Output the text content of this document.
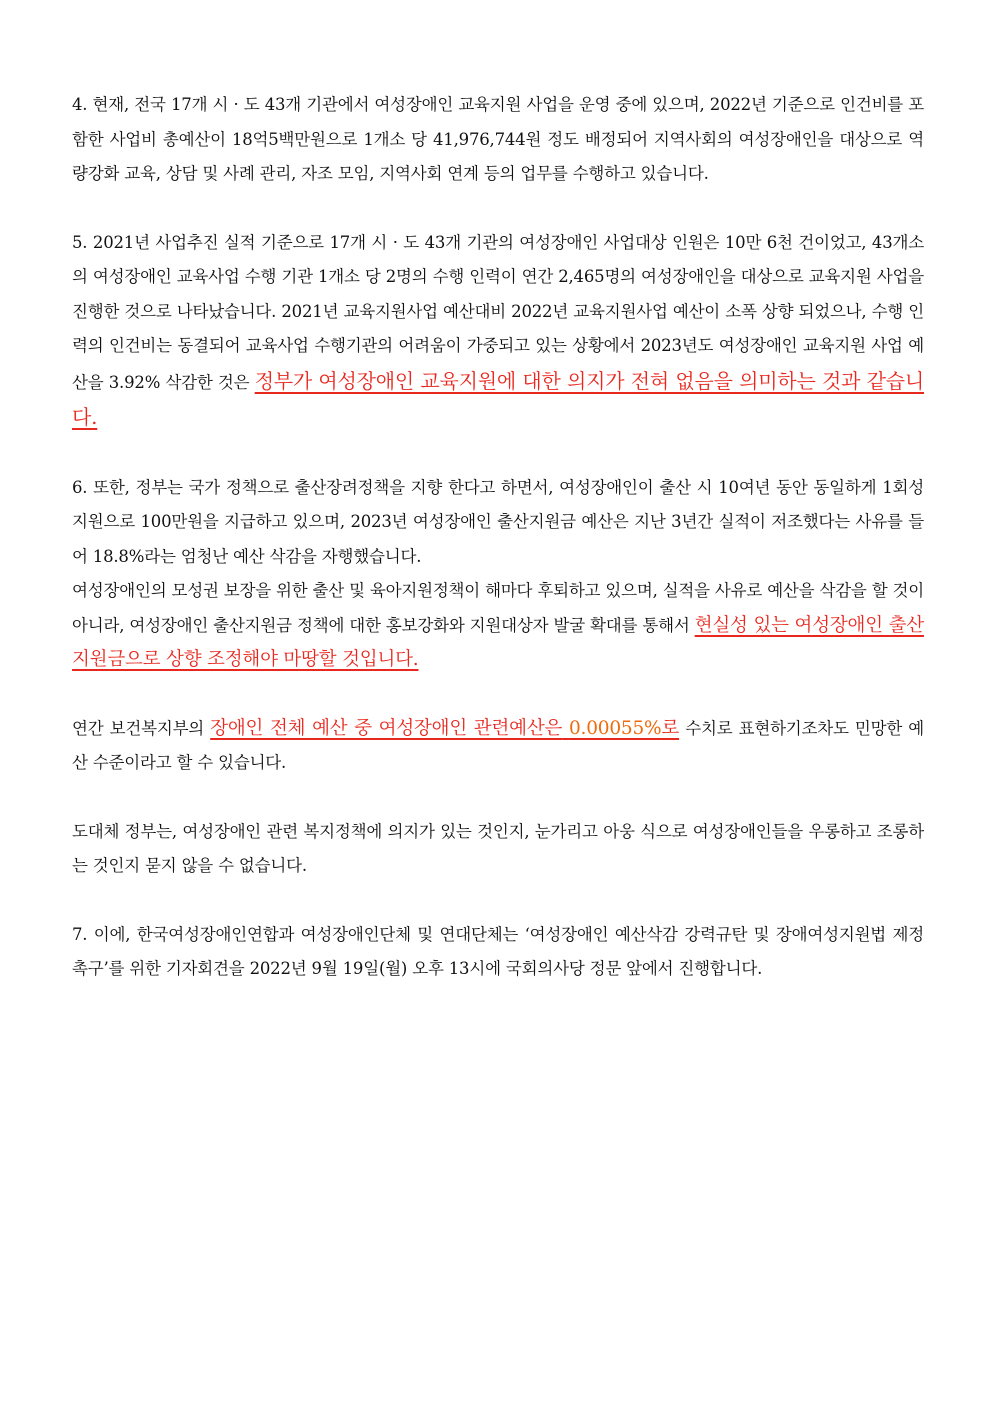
4. 현재, 전국 17개 시 · 도 43개 기관에서 여성장애인 교육지원 사업을 운영 중에 있으며, 2022년 기준으로 인건비를 포함한 사업비 총예산이 18억5백만원으로 1개소 당 41,976,744원 정도 배정되어 지역사회의 여성장애인을 대상으로 역량강화 교육, 상담 및 사례 관리, 자조 모임, 지역사회 연계 등의 업무를 수행하고 있습니다.

5. 2021년 사업추진 실적 기준으로 17개 시 · 도 43개 기관의 여성장애인 사업대상 인원은 10만 6천 건이었고, 43개소의 여성장애인 교육사업 수행 기관 1개소 당 2명의 수행 인력이 연간 2,465명의 여성장애인을 대상으로 교육지원 사업을 진행한 것으로 나타났습니다. 2021년 교육지원사업 예산대비 2022년 교육지원사업 예산이 소폭 상향 되었으나, 수행 인력의 인건비는 동결되어 교육사업 수행기관의 어려움이 가중되고 있는 상황에서 2023년도 여성장애인 교육지원 사업 예산을 3.92% 삭감한 것은 정부가 여성장애인 교육지원에 대한 의지가 전혀 없음을 의미하는 것과 같습니다.

6. 또한, 정부는 국가 정책으로 출산장려정책을 지향 한다고 하면서, 여성장애인이 출산 시 10여년 동안 동일하게 1회성 지원으로 100만원을 지급하고 있으며, 2023년 여성장애인 출산지원금 예산은 지난 3년간 실적이 저조했다는 사유를 들어 18.8%라는 엄청난 예산 삭감을 자행했습니다.

여성장애인의 모성권 보장을 위한 출산 및 육아지원정책이 해마다 후퇴하고 있으며, 실적을 사유로 예산을 삭감을 할 것이 아니라, 여성장애인 출산지원금 정책에 대한 홍보강화와 지원대상자 발굴 확대를 통해서 현실성 있는 여성장애인 출산지원금으로 상향 조정해야 마땅할 것입니다.

연간 보건복지부의 장애인 전체 예산 중 여성장애인 관련예산은 0.00055%로 수치로 표현하기조차도 민망한 예산 수준이라고 할 수 있습니다.

도대체 정부는, 여성장애인 관련 복지정책에 의지가 있는 것인지, 눈가리고 아웅 식으로 여성장애인들을 우롱하고 조롱하는 것인지 묻지 않을 수 없습니다.

7. 이에, 한국여성장애인연합과 여성장애인단체 및 연대단체는 ‘여성장애인 예산삭감 강력규탄 및 장애여성지원법 제정 촉구’를 위한 기자회견을 2022년 9월 19일(월) 오후 13시에 국회의사당 정문 앞에서 진행합니다.
